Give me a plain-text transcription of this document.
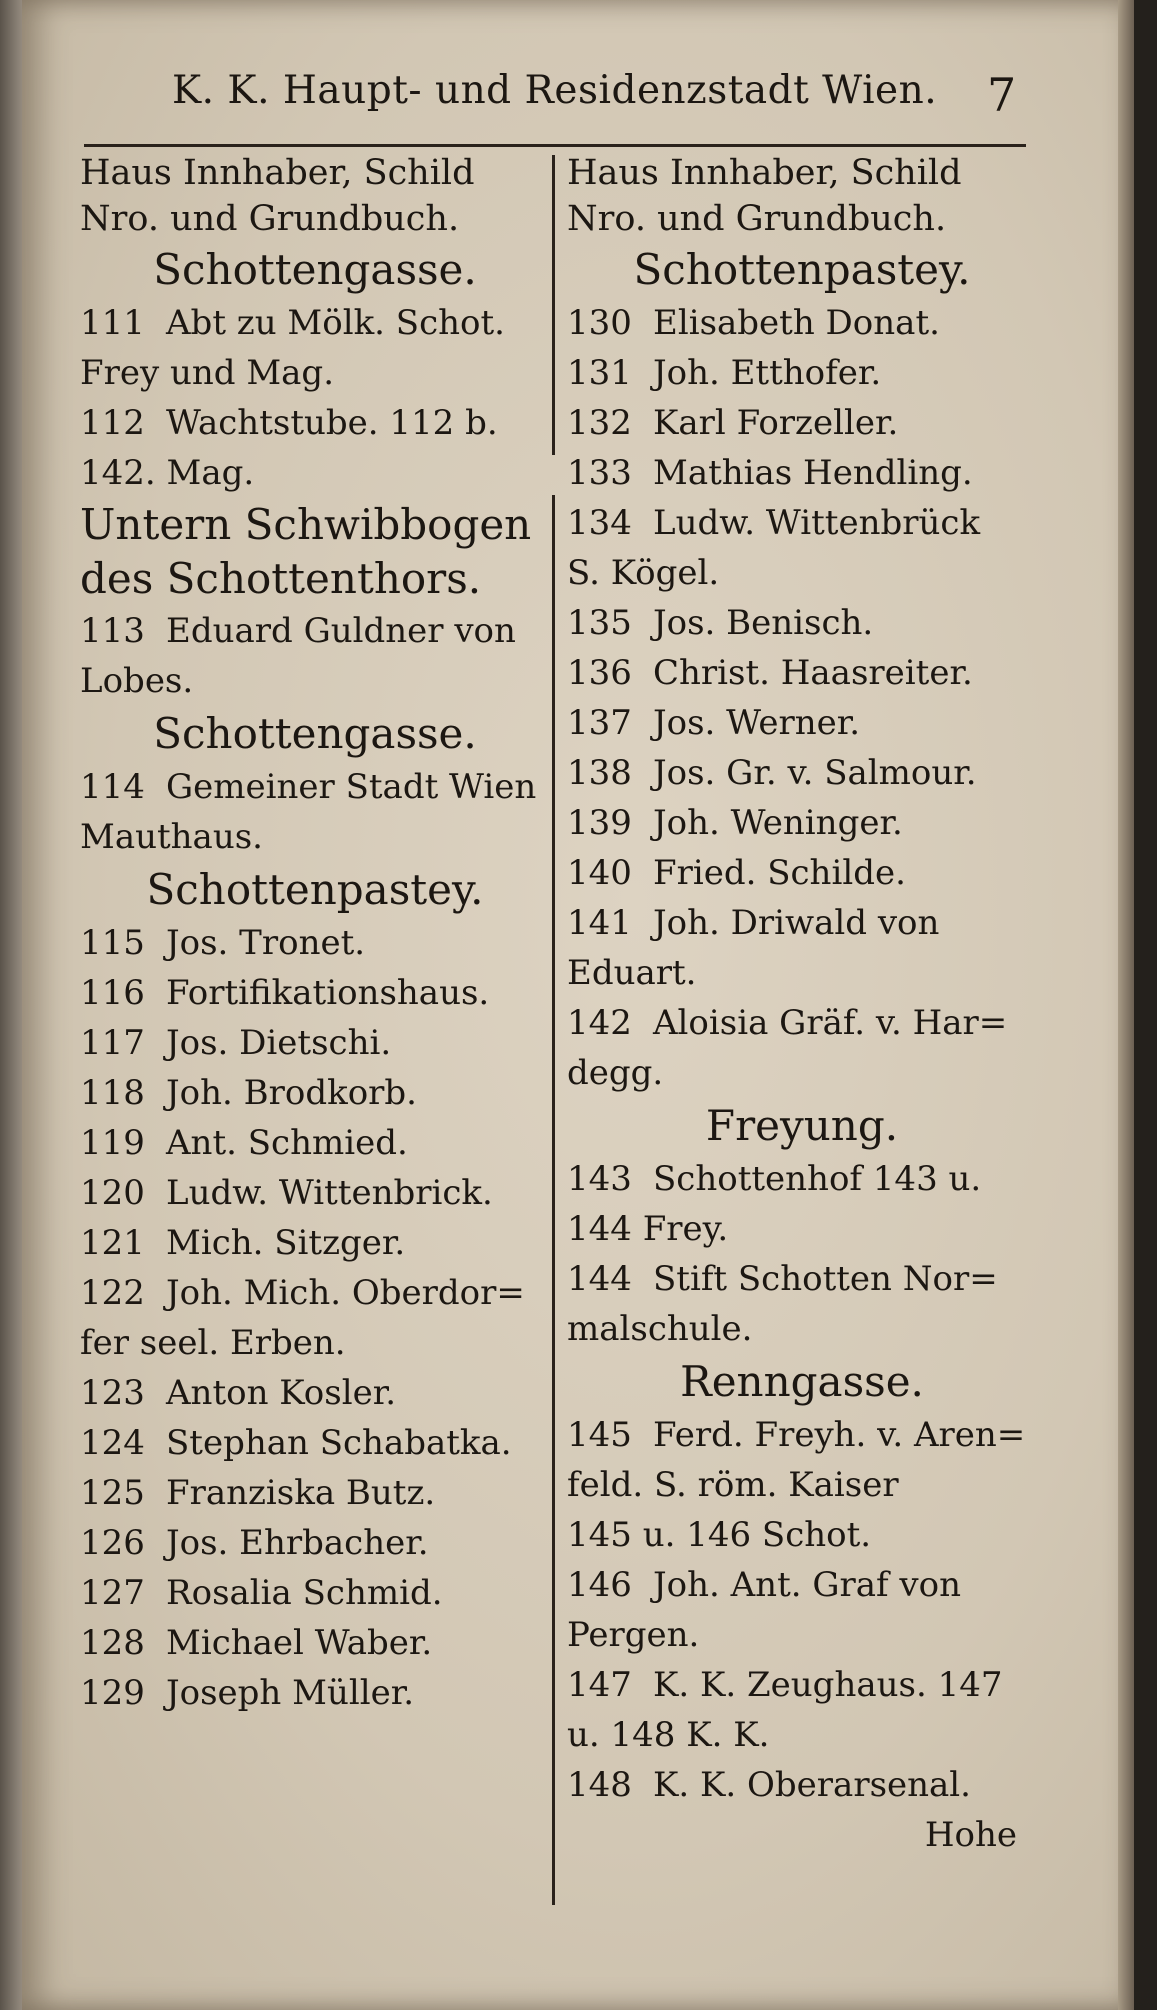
K. K. Haupt- und Residenzstadt Wien. 7
Haus Innhaber, Schild
Nro. und Grundbuch.
Schottengasse.
111 Abt zu Mölk. Schot.
Frey und Mag.
112 Wachtstube. 112 b.
142. Mag.
Untern Schwibbogen
des Schottenthors.
113 Eduard Guldner von
Lobes.
Schottengasse.
114 Gemeiner Stadt Wien
Mauthaus.
Schottenpastey.
115 Jos. Tronet.
116 Fortifikationshaus.
117 Jos. Dietschi.
118 Joh. Brodkorb.
119 Ant. Schmied.
120 Ludw. Wittenbrick.
121 Mich. Sitzger.
122 Joh. Mich. Oberdor=
fer seel. Erben.
123 Anton Kosler.
124 Stephan Schabatka.
125 Franziska Butz.
126 Jos. Ehrbacher.
127 Rosalia Schmid.
128 Michael Waber.
129 Joseph Müller.
Haus Innhaber, Schild
Nro. und Grundbuch.
Schottenpastey.
130 Elisabeth Donat.
131 Joh. Etthofer.
132 Karl Forzeller.
133 Mathias Hendling.
134 Ludw. Wittenbrück
S. Kögel.
135 Jos. Benisch.
136 Christ. Haasreiter.
137 Jos. Werner.
138 Jos. Gr. v. Salmour.
139 Joh. Weninger.
140 Fried. Schilde.
141 Joh. Driwald von
Eduart.
142 Aloisia Gräf. v. Har=
degg.
Freyung.
143 Schottenhof 143 u.
144 Frey.
144 Stift Schotten Nor=
malschule.
Renngasse.
145 Ferd. Freyh. v. Aren=
feld. S. röm. Kaiser
145 u. 146 Schot.
146 Joh. Ant. Graf von
Pergen.
147 K. K. Zeughaus. 147
u. 148 K. K.
148 K. K. Oberarsenal.
Hohe
